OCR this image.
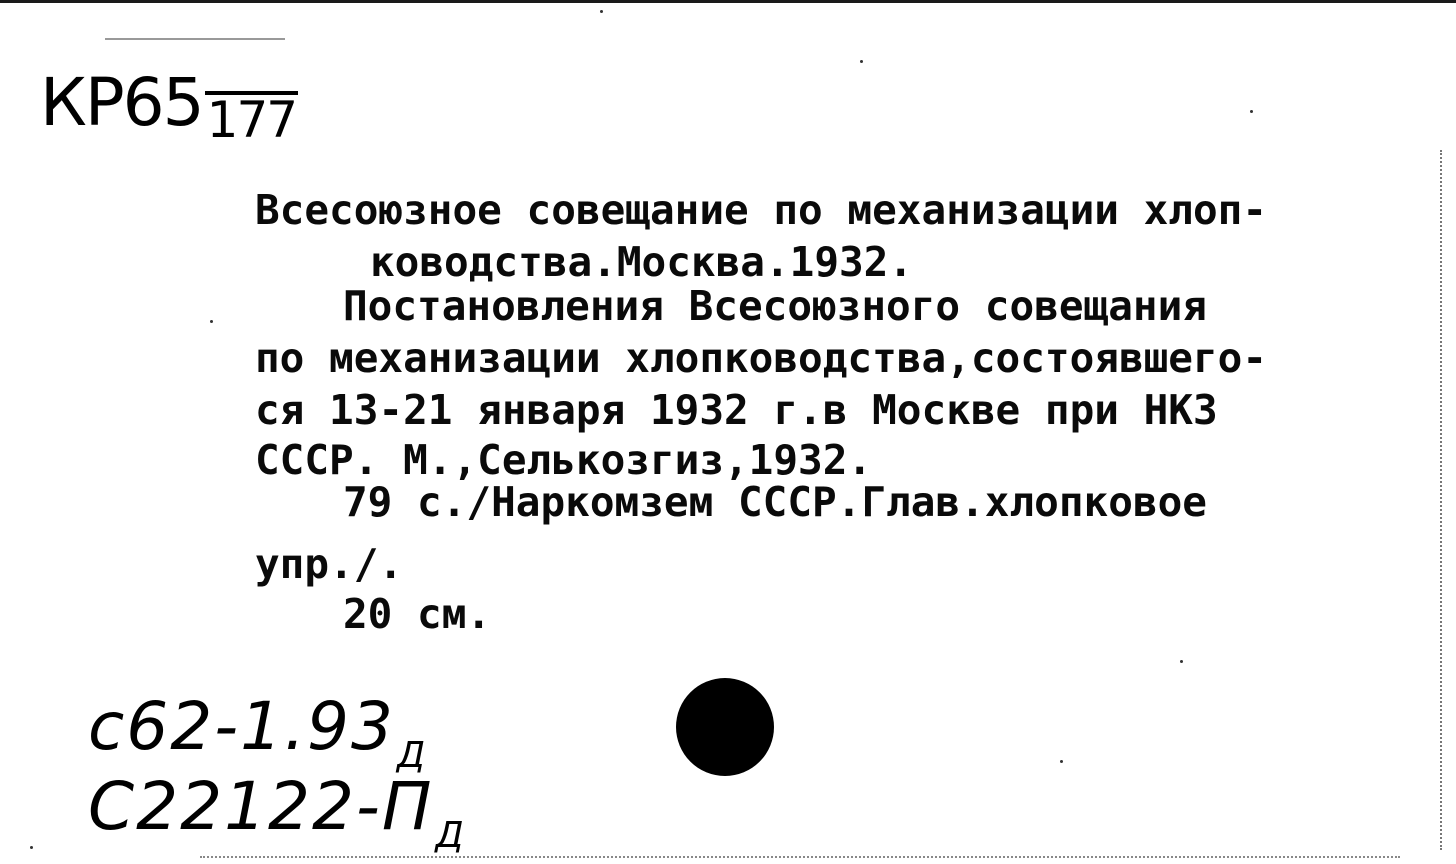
КР65177
Всесоюзное совещание по механизации хлоп-
ководства.Москва.1932.
Постановления Всесоюзного совещания
по механизации хлопководства,состоявшего-
ся 13-21 января 1932 г.в Москве при НКЗ
СССР. М.,Селькозгиз,1932.
79 с./Наркомзем СССР.Глав.хлопковое
упр./.
20 см.
$с62-1.93_Д$
$С22122-П_Д$
